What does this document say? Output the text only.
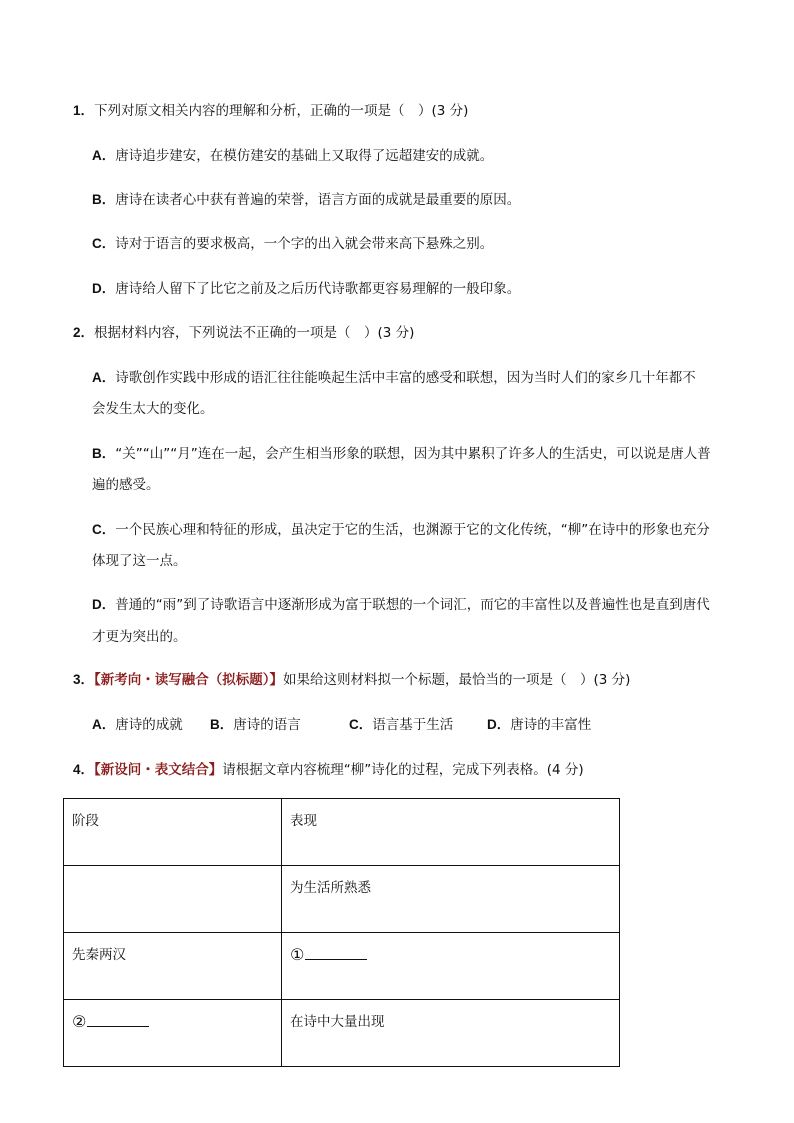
1．下列对原文相关内容的理解和分析，正确的一项是（　）(3 分)
A．唐诗追步建安，在模仿建安的基础上又取得了远超建安的成就。
B．唐诗在读者心中获有普遍的荣誉，语言方面的成就是最重要的原因。
C．诗对于语言的要求极高，一个字的出入就会带来高下悬殊之别。
D．唐诗给人留下了比它之前及之后历代诗歌都更容易理解的一般印象。
2．根据材料内容，下列说法不正确的一项是（　）(3 分)
A．诗歌创作实践中形成的语汇往往能唤起生活中丰富的感受和联想，因为当时人们的家乡几十年都不
会发生太大的变化。
B．“关”“山”“月”连在一起，会产生相当形象的联想，因为其中累积了许多人的生活史，可以说是唐人普
遍的感受。
C．一个民族心理和特征的形成，虽决定于它的生活，也渊源于它的文化传统，“柳”在诗中的形象也充分
体现了这一点。
D．普通的“雨”到了诗歌语言中逐渐形成为富于联想的一个词汇，而它的丰富性以及普遍性也是直到唐代
才更为突出的。
3．【新考向・读写融合（拟标题）】如果给这则材料拟一个标题，最恰当的一项是（　）(3 分)
A．唐诗的成就 B．唐诗的语言	C．语言基于生活	D．唐诗的丰富性
4．【新设问・表文结合】请根据文章内容梳理“柳”诗化的过程，完成下列表格。(4 分)
阶段	表现
	为生活所熟悉
先秦两汉	①
②	在诗中大量出现
